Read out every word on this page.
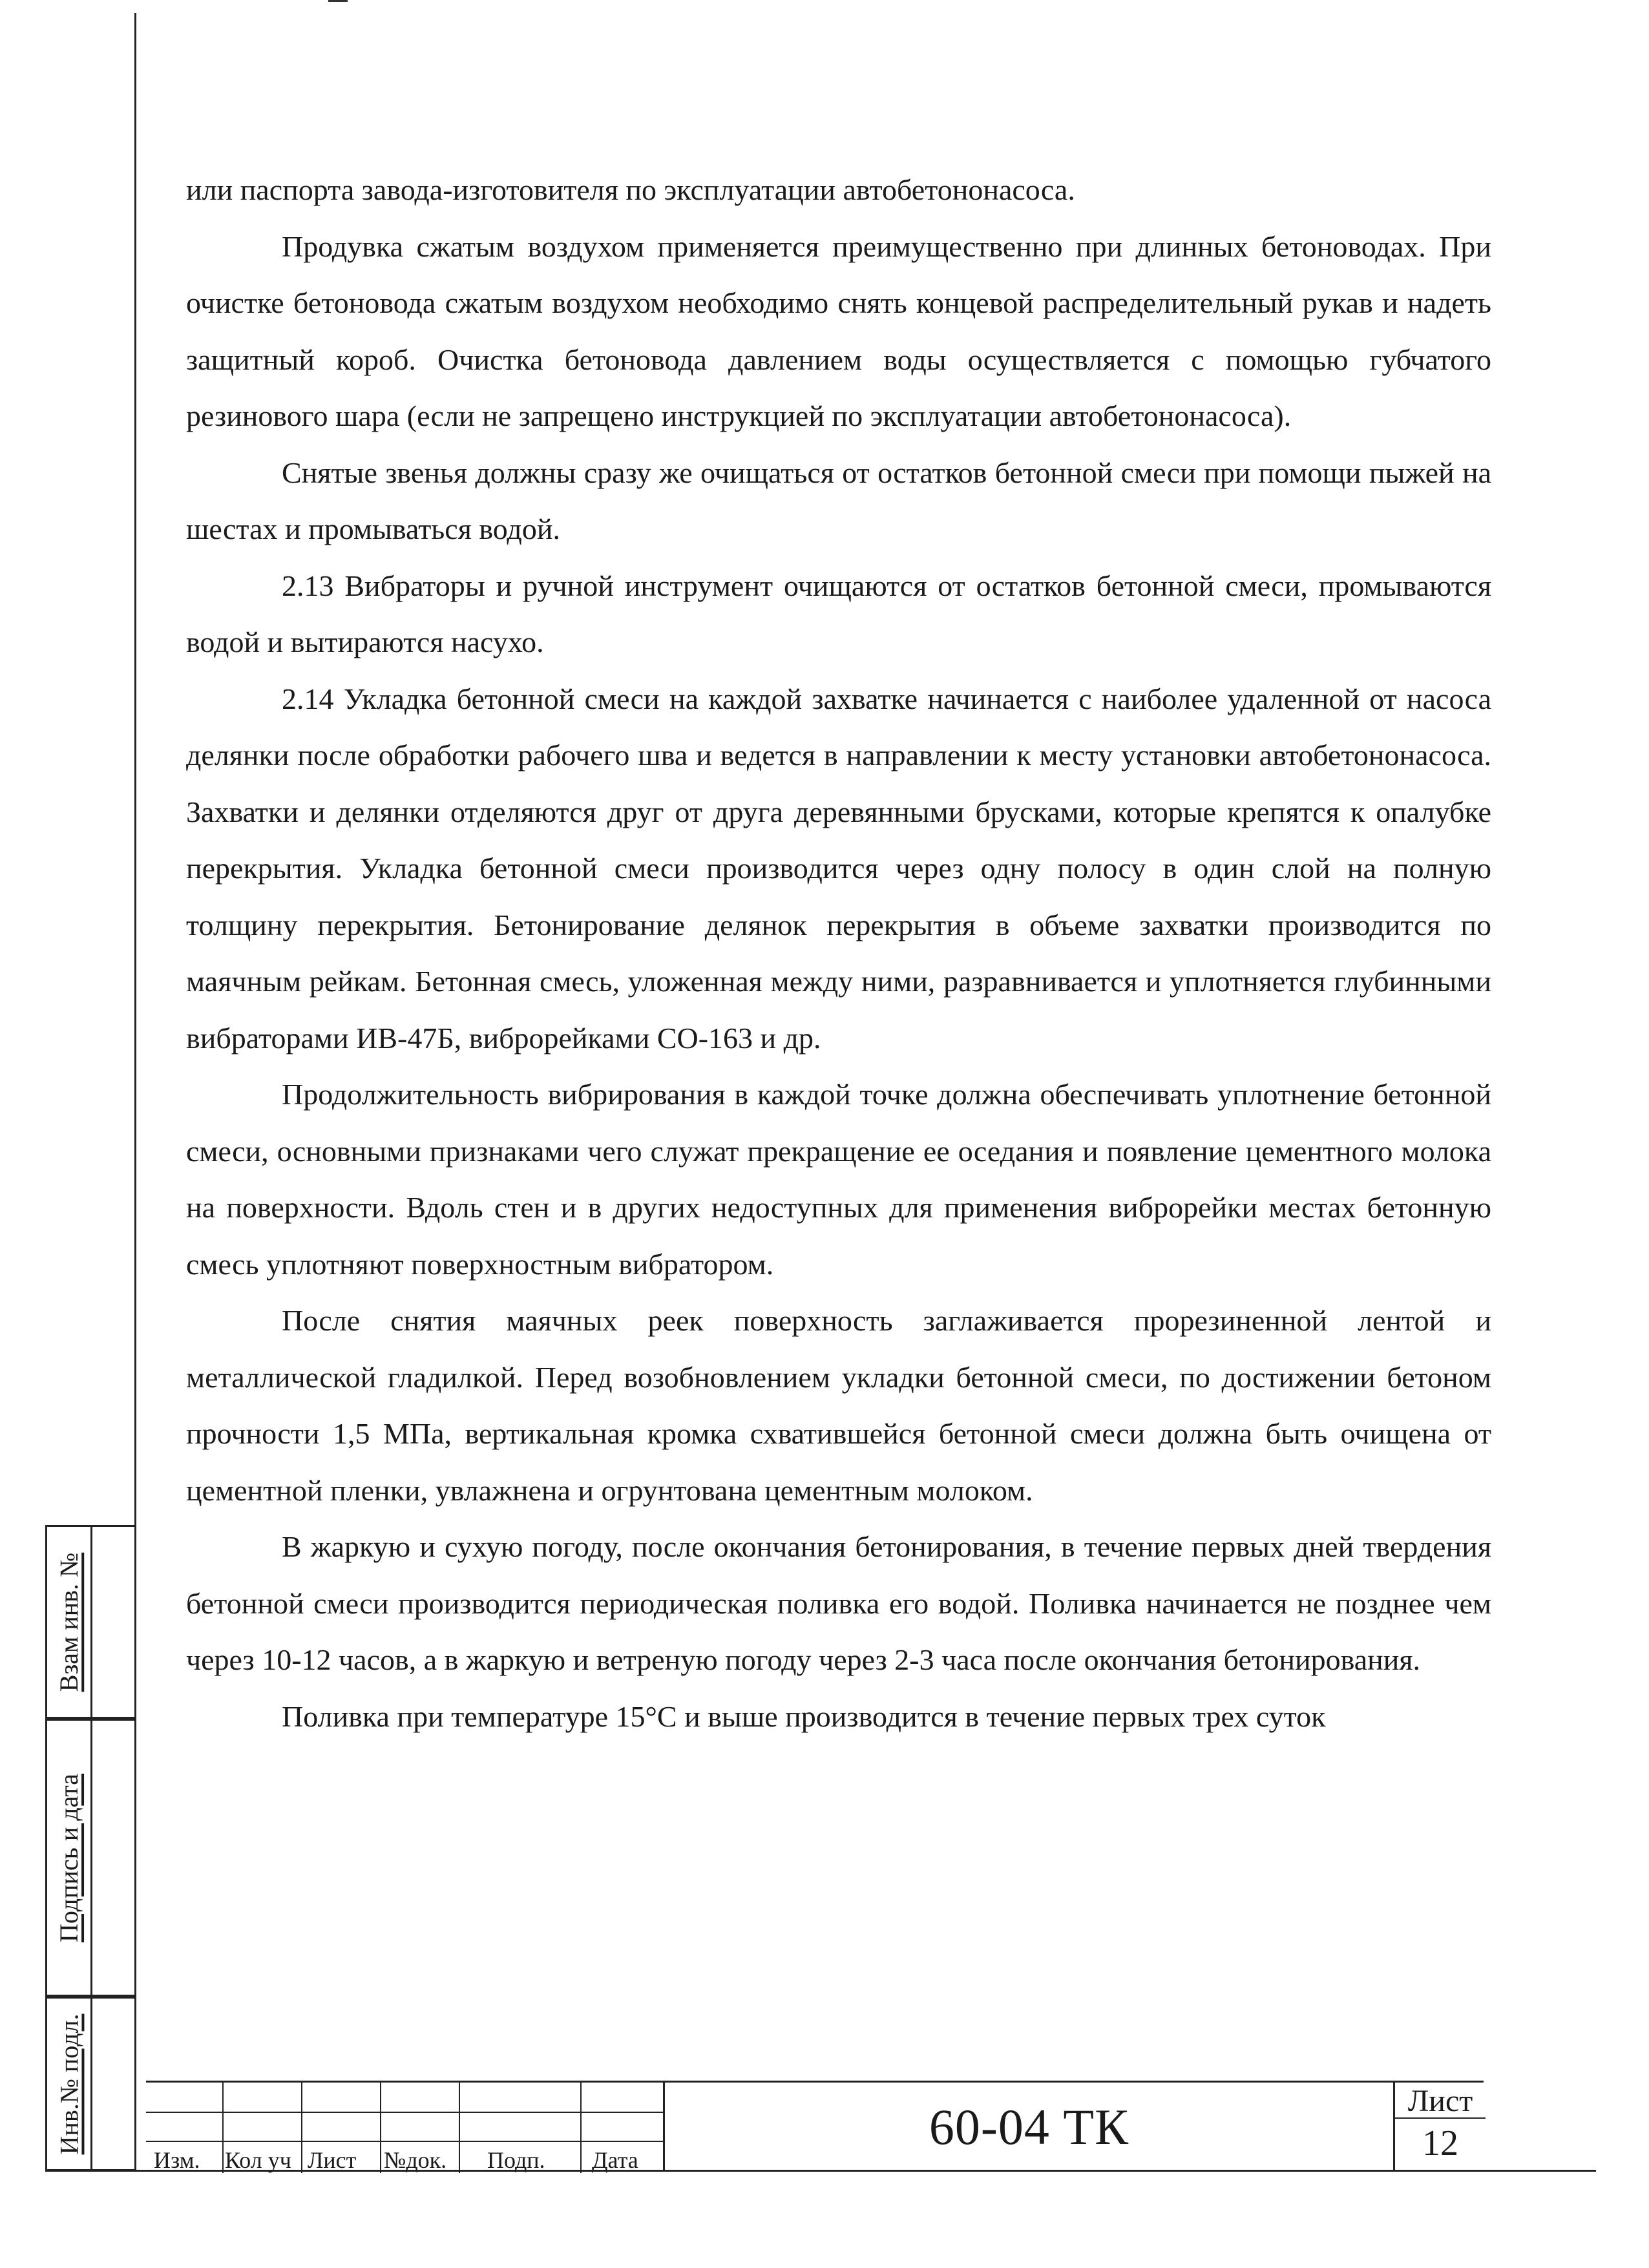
или паспорта завода-изготовителя по эксплуатации автобетононасоса.

Продувка сжатым воздухом применяется преимущественно при длинных бетоноводах. При очистке бетоновода сжатым воздухом необходимо снять концевой распределительный рукав и надеть защитный короб. Очистка бетоновода давлением воды осуществляется с помощью губчатого резинового шара (если не запрещено инструкцией по эксплуатации автобетононасоса).

Снятые звенья должны сразу же очищаться от остатков бетонной смеси при помощи пыжей на шестах и промываться водой.

2.13 Вибраторы и ручной инструмент очищаются от остатков бетонной смеси, промываются водой и вытираются насухо.

2.14 Укладка бетонной смеси на каждой захватке начинается с наиболее удаленной от насоса делянки после обработки рабочего шва и ведется в направлении к месту установки автобетононасоса. Захватки и делянки отделяются друг от друга деревянными брусками, которые крепятся к опалубке перекрытия. Укладка бетонной смеси производится через одну полосу в один слой на полную толщину перекрытия. Бетонирование делянок перекрытия в объеме захватки производится по маячным рейкам. Бетонная смесь, уложенная между ними, разравнивается и уплотняется глубинными вибраторами ИВ-47Б, виброрейками СО-163 и др.

Продолжительность вибрирования в каждой точке должна обеспечивать уплотнение бетонной смеси, основными признаками чего служат прекращение ее оседания и появление цементного молока на поверхности. Вдоль стен и в других недоступных для применения виброрейки местах бетонную смесь уплотняют поверхностным вибратором.

После снятия маячных реек поверхность заглаживается прорезиненной лентой и металлической гладилкой. Перед возобновлением укладки бетонной смеси, по достижении бетоном прочности 1,5 МПа, вертикальная кромка схватившейся бетонной смеси должна быть очищена от цементной пленки, увлажнена и огрунтована цементным молоком.

В жаркую и сухую погоду, после окончания бетонирования, в течение первых дней твердения бетонной смеси производится периодическая поливка его водой. Поливка начинается не позднее чем через 10-12 часов, а в жаркую и ветреную погоду через 2-3 часа после окончания бетонирования.

Поливка при температуре 15°C и выше производится в течение первых трех суток

Взам инв. №
Подпись и дата
Инв.№ подл.
Изм. Кол уч Лист №док. Подп. Дата
60-04 ТК	Лист
12
